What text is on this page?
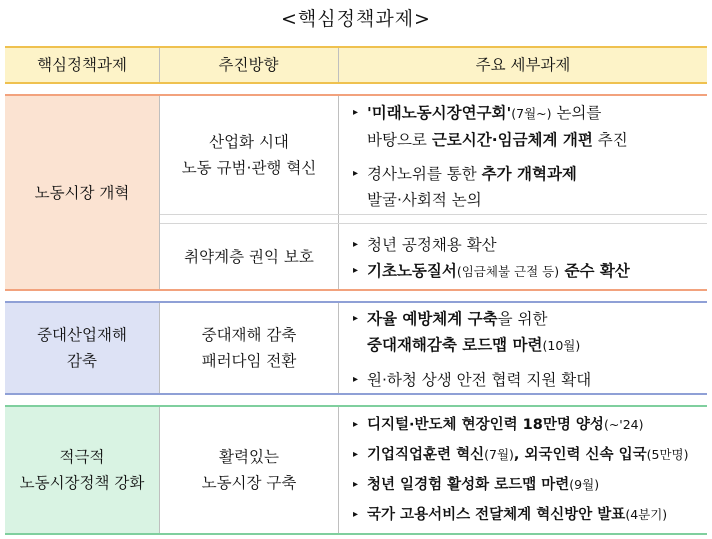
<핵심정책과제>
핵심정책과제	추진방향	주요 세부과제
노동시장 개혁
산업화 시대
노동 규범·관행 혁신
▸ '미래노동시장연구회'(7월~) 논의를
바탕으로 근로시간·임금체계 개편 추진
▸ 경사노위를 통한 추가 개혁과제
발굴·사회적 논의
취약계층 권익 보호
▸ 청년 공정채용 확산
▸ 기초노동질서(임금체불 근절 등) 준수 확산
중대산업재해
감축
중대재해 감축
패러다임 전환
▸ 자율 예방체계 구축을 위한
중대재해감축 로드맵 마련(10월)
▸ 원·하청 상생 안전 협력 지원 확대
적극적
노동시장정책 강화
활력있는
노동시장 구축
▸ 디지털·반도체 현장인력 18만명 양성(~'24)
▸ 기업직업훈련 혁신(7월), 외국인력 신속 입국(5만명)
▸ 청년 일경험 활성화 로드맵 마련(9월)
▸ 국가 고용서비스 전달체계 혁신방안 발표(4분기)
